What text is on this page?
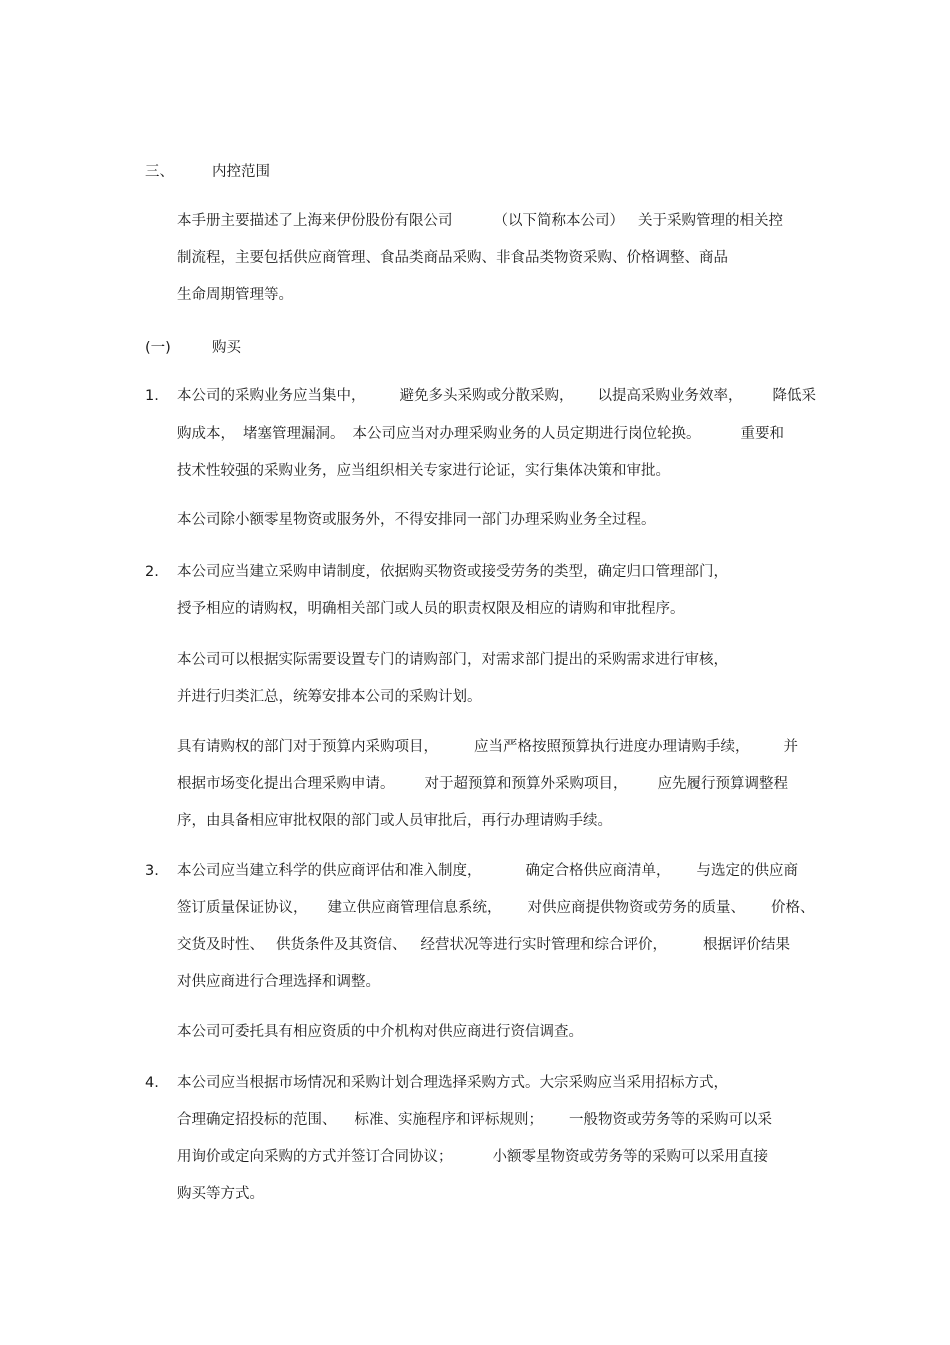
三、	内控范围
本手册主要描述了上海来伊份股份有限公司	（以下简称本公司） 关于采购管理的相关控
制流程，主要包括供应商管理、食品类商品采购、非食品类物资采购、价格调整、商品
生命周期管理等。
(一)	购买
1. 本公司的采购业务应当集中， 避免多头采购或分散采购， 以提高采购业务效率， 降低采
购成本， 堵塞管理漏洞。 本公司应当对办理采购业务的人员定期进行岗位轮换。	重要和
技术性较强的采购业务，应当组织相关专家进行论证，实行集体决策和审批。
本公司除小额零星物资或服务外，不得安排同一部门办理采购业务全过程。
2. 本公司应当建立采购申请制度，依据购买物资或接受劳务的类型，确定归口管理部门，
授予相应的请购权，明确相关部门或人员的职责权限及相应的请购和审批程序。
本公司可以根据实际需要设置专门的请购部门，对需求部门提出的采购需求进行审核，
并进行归类汇总，统筹安排本公司的采购计划。
具有请购权的部门对于预算内采购项目， 应当严格按照预算执行进度办理请购手续， 并
根据市场变化提出合理采购申请。 对于超预算和预算外采购项目， 应先履行预算调整程
序，由具备相应审批权限的部门或人员审批后，再行办理请购手续。
3. 本公司应当建立科学的供应商评估和准入制度，	确定合格供应商清单， 与选定的供应商
签订质量保证协议， 建立供应商管理信息系统， 对供应商提供物资或劳务的质量、 价格、
交货及时性、 供货条件及其资信、 经营状况等进行实时管理和综合评价， 根据评价结果
对供应商进行合理选择和调整。
本公司可委托具有相应资质的中介机构对供应商进行资信调查。
4. 本公司应当根据市场情况和采购计划合理选择采购方式。大宗采购应当采用招标方式，
合理确定招投标的范围、 标准、实施程序和评标规则； 一般物资或劳务等的采购可以采
用询价或定向采购的方式并签订合同协议；	小额零星物资或劳务等的采购可以采用直接
购买等方式。
